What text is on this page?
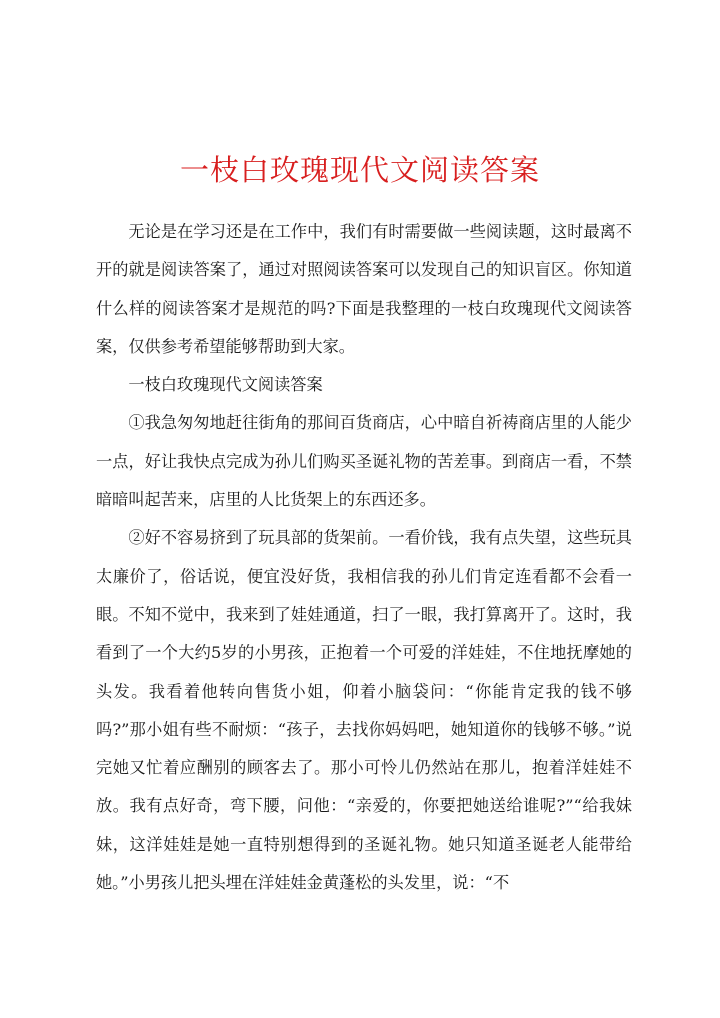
一枝白玫瑰现代文阅读答案

无论是在学习还是在工作中，我们有时需要做一些阅读题，这时最离不开的就是阅读答案了，通过对照阅读答案可以发现自己的知识盲区。你知道什么样的阅读答案才是规范的吗?下面是我整理的一枝白玫瑰现代文阅读答案，仅供参考希望能够帮助到大家。

一枝白玫瑰现代文阅读答案

①我急匆匆地赶往街角的那间百货商店，心中暗自祈祷商店里的人能少一点，好让我快点完成为孙儿们购买圣诞礼物的苦差事。到商店一看，不禁暗暗叫起苦来，店里的人比货架上的东西还多。

②好不容易挤到了玩具部的货架前。一看价钱，我有点失望，这些玩具太廉价了，俗话说，便宜没好货，我相信我的孙儿们肯定连看都不会看一眼。不知不觉中，我来到了娃娃通道，扫了一眼，我打算离开了。这时，我看到了一个大约5岁的小男孩，正抱着一个可爱的洋娃娃，不住地抚摩她的头发。我看着他转向售货小姐，仰着小脑袋问：“你能肯定我的钱不够吗?”那小姐有些不耐烦：“孩子，去找你妈妈吧，她知道你的钱够不够。”说完她又忙着应酬别的顾客去了。那小可怜儿仍然站在那儿，抱着洋娃娃不放。我有点好奇，弯下腰，问他：“亲爱的，你要把她送给谁呢?”“给我妹妹，这洋娃娃是她一直特别想得到的圣诞礼物。她只知道圣诞老人能带给她。”小男孩儿把头埋在洋娃娃金黄蓬松的头发里，说：“不
